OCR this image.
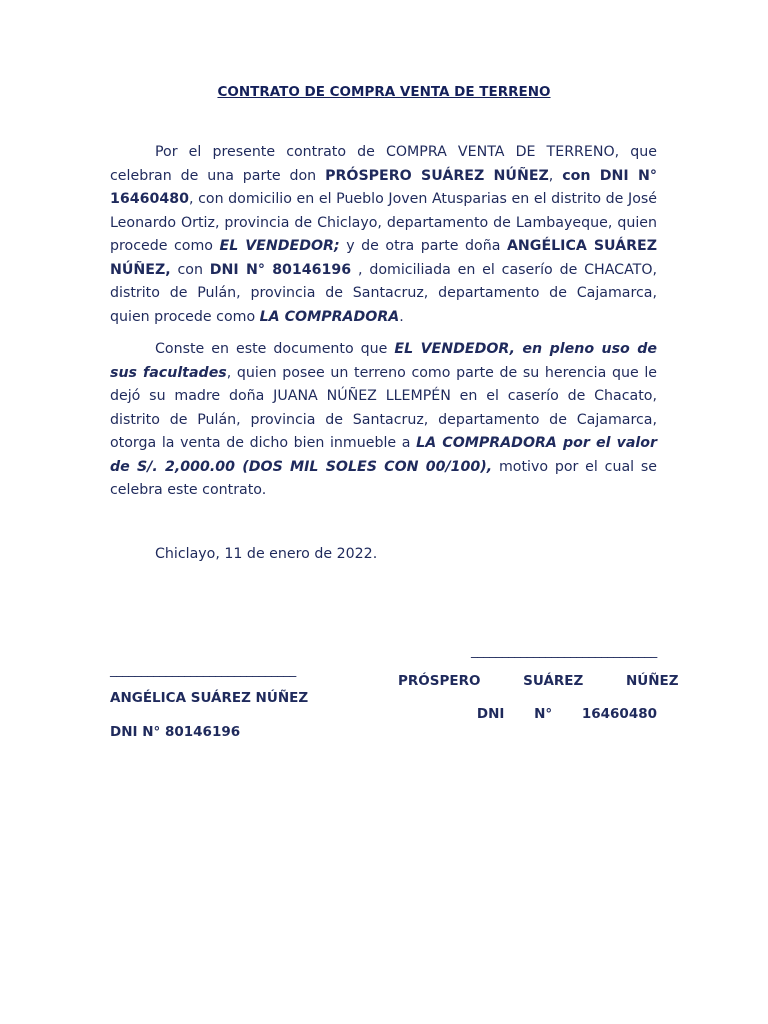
CONTRATO DE COMPRA VENTA DE TERRENO

Por el presente contrato de COMPRA VENTA DE TERRENO, que celebran de una parte don PRÓSPERO SUÁREZ NÚÑEZ, con DNI N° 16460480, con domicilio en el Pueblo Joven Atusparias en el distrito de José Leonardo Ortiz, provincia de Chiclayo, departamento de Lambayeque, quien procede como EL VENDEDOR; y de otra parte doña ANGÉLICA SUÁREZ NÚÑEZ, con DNI N° 80146196 , domiciliada en el caserío de CHACATO, distrito de Pulán, provincia de Santacruz, departamento de Cajamarca, quien procede como LA COMPRADORA.

Conste en este documento que EL VENDEDOR, en pleno uso de sus facultades, quien posee un terreno como parte de su herencia que le dejó su madre doña JUANA NÚÑEZ LLEMPÉN en el caserío de Chacato, distrito de Pulán, provincia de Santacruz, departamento de Cajamarca, otorga la venta de dicho bien inmueble a LA COMPRADORA por el valor de S/. 2,000.00 (DOS MIL SOLES CON 00/100), motivo por el cual se celebra este contrato.

Chiclayo, 11 de enero de 2022.

______________________________
______________________________
PRÓSPERO SUÁREZ NÚÑEZ
ANGÉLICA SUÁREZ NÚÑEZ
DNI N° 16460480
DNI N° 80146196
